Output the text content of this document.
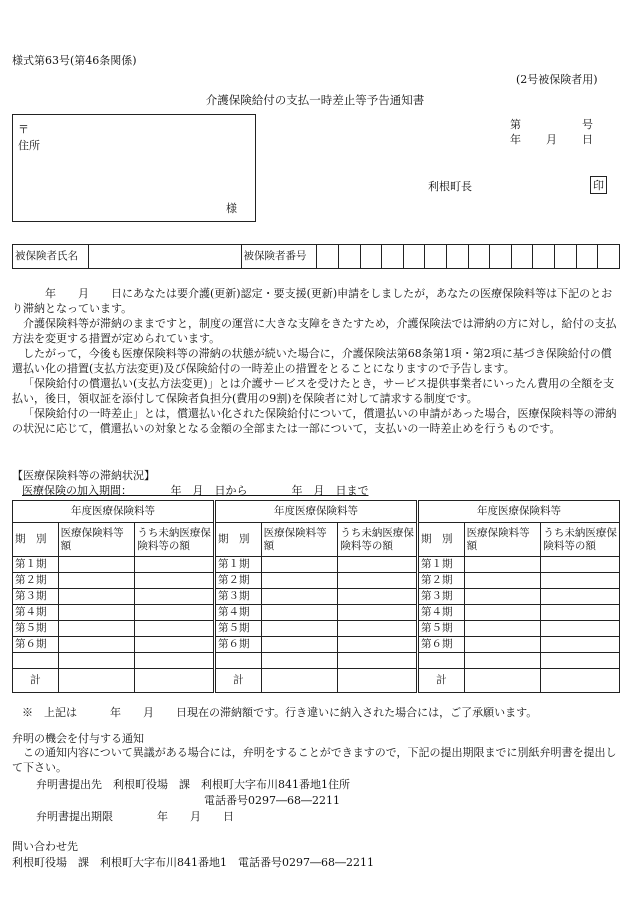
様式第63号(第46条関係)
(2号被保険者用)
介護保険給付の支払一時差止等予告通知書
第	号
年 月 日
〒
住所
様
利根町長	印
被保険者氏名		被保険者番号														

　　年　　月　　日にあなたは要介護(更新)認定・要支援(更新)申請をしましたが，あなたの医療保険料等は下記のとおり滞納となっています。

介護保険料等が滞納のままですと，制度の運営に大きな支障をきたすため，介護保険法では滞納の方に対し，給付の支払方法を変更する措置が定められています。

したがって，今後も医療保険料等の滞納の状態が続いた場合に，介護保険法第68条第1項・第2項に基づき保険給付の償還払い化の措置(支払方法変更)及び保険給付の一時差止の措置をとることになりますので予告します。

「保険給付の償還払い(支払方法変更)」とは介護サービスを受けたとき，サービス提供事業者にいったん費用の全額を支払い，後日，領収証を添付して保険者負担分(費用の9割)を保険者に対して請求する制度です。

「保険給付の一時差止」とは，償還払い化された保険給付について，償還払いの申請があった場合，医療保険料等の滞納の状況に応じて，償還払いの対象となる金額の全部または一部について，支払いの一時差止めを行うものです。

【医療保険料等の滞納状況】
医療保険の加入期間：　　　　年　月　日から　　　　年　月　日まで
年度医療保険料等		
期　別	医療保険料等額	うち未納医療保険料等の額
第１期		
第２期		
第３期		
第４期		
第５期		
第６期		

計		
年度医療保険料等		
期　別	医療保険料等額	うち未納医療保険料等の額
第１期		
第２期		
第３期		
第４期		
第５期		
第６期		

計		
年度医療保険料等		
期　別	医療保険料等額	うち未納医療保険料等の額
第１期		
第２期		
第３期		
第４期		
第５期		
第６期		

計		
※　上記は　　　年　　月　　日現在の滞納額です。行き違いに納入された場合には，ご了承願います。
弁明の機会を付与する通知

この通知内容について異議がある場合には，弁明をすることができますので，下記の提出期限までに別紙弁明書を提出して下さい。

弁明書提出先　利根町役場　課　利根町大字布川841番地1住所
電話番号0297―68―2211
弁明書提出期限　　　　年　　月　　日
問い合わせ先
利根町役場　課　利根町大字布川841番地1　電話番号0297―68―2211
